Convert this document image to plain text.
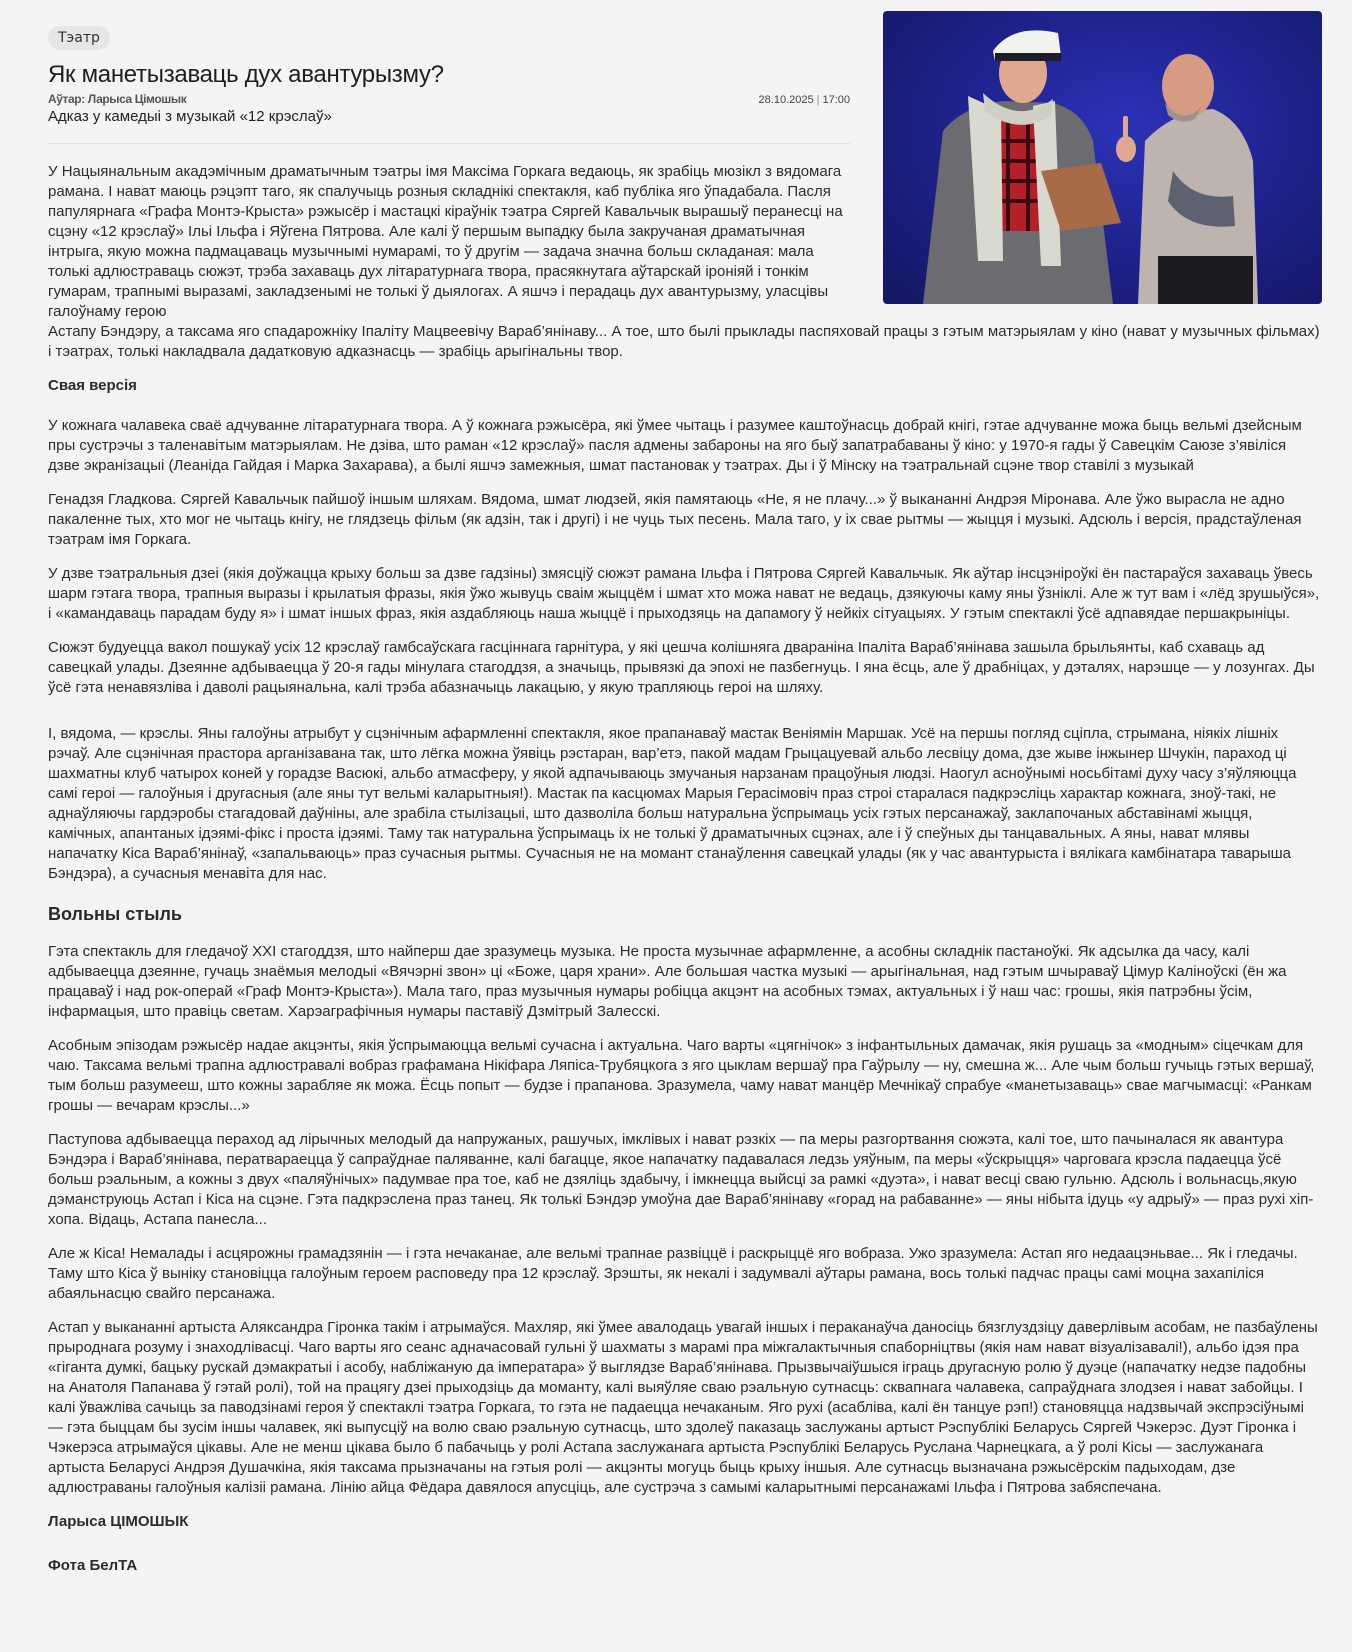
Тэатр
Як манетызаваць дух авантурызму?
Аўтар: Ларыса Цімошык	28.10.2025 | 17:00
Адказ у камедыі з музыкай «12 крэслаў»

У Нацыянальным акадэмічным драматычным тэатры імя Максіма Горкага ведаюць, як зрабіць мюзікл з вядомага рамана. І нават маюць рэцэпт таго, як спалучыць розныя складнікі спектакля, каб публіка яго ўпадабала. Пасля папулярнага «Графа Монтэ-Крыста» рэжысёр і мастацкі кіраўнік тэатра Сяргей Кавальчык вырашыў перанесці на сцэну «12 крэслаў» Ільі Ільфа і Яўгена Пятрова. Але калі ў першым выпадку была закручаная драматычная інтрыга, якую можна падмацаваць музычнымі нумарамі, то ў другім — задача значна больш складаная: мала толькі адлюстраваць сюжэт, трэба захаваць дух літаратурнага твора, прасякнутага аўтарскай іроніяй і тонкім гумарам, трапнымі выразамі, закладзенымі не толькі ў дыялогах. А яшчэ і перадаць дух авантурызму, уласцівы галоўнаму герою

Астапу Бэндэру, а таксама яго спадарожніку Іпаліту Мацвеевічу Вараб’янінаву... А тое, што былі прыклады паспяховай працы з гэтым матэрыялам у кіно (нават у музычных фільмах) і тэатрах, толькі накладвала дадатковую адказнасць — зрабіць арыгінальны твор.

Свая версія

У кожнага чалавека сваё адчуванне літаратурнага твора. А ў кожнага рэжысёра, які ўмее чытаць і разумее каштоўнасць добрай кнігі, гэтае адчуванне можа быць вельмі дзейсным пры сустрэчы з таленавітым матэрыялам. Не дзіва, што раман «12 крэслаў» пасля адмены забароны на яго быў запатрабаваны ў кіно: у 1970-я гады ў Савецкім Саюзе з’явіліся дзве экранізацыі (Леаніда Гайдая і Марка Захарава), а былі яшчэ замежныя, шмат пастановак у тэатрах. Ды і ў Мінску на тэатральнай сцэне твор ставілі з музыкай

Генадзя Гладкова. Сяргей Кавальчык пайшоў іншым шляхам. Вядома, шмат людзей, якія памятаюць «Не, я не плачу...» ў выкананні Андрэя Міронава. Але ўжо вырасла не адно пакаленне тых, хто мог не чытаць кнігу, не глядзець фільм (як адзін, так і другі) і не чуць тых песень. Мала таго, у іх свае рытмы — жыцця і музыкі. Адсюль і версія, прадстаўленая тэатрам імя Горкага.

У дзве тэатральныя дзеі (якія доўжацца крыху больш за дзве гадзіны) змясціў сюжэт рамана Ільфа і Пятрова Сяргей Кавальчык. Як аўтар інсцэніроўкі ён пастараўся захаваць ўвесь шарм гэтага твора, трапныя выразы і крылатыя фразы, якія ўжо жывуць сваім жыццём і шмат хто можа нават не ведаць, дзякуючы каму яны ўзніклі. Але ж тут вам і «лёд зрушыўся», і «камандаваць парадам буду я» і шмат іншых фраз, якія аздабляюць наша жыццё і прыходзяць на дапамогу ў нейкіх сітуацыях. У гэтым спектаклі ўсё адпавядае першакрыніцы.

Сюжэт будуецца вакол пошукаў усіх 12 крэслаў гамбсаўскага гасціннага гарнітура, у які цешча колішняга двараніна Іпаліта Вараб’янінава зашыла брыльянты, каб схаваць ад савецкай улады. Дзеянне адбываецца ў 20-я гады мінулага стагоддзя, а значыць, прывязкі да эпохі не пазбегнуць. І яна ёсць, але ў драбніцах, у дэталях, нарэшце — у лозунгах. Ды ўсё гэта ненавязліва і даволі рацыянальна, калі трэба абазначыць лакацыю, у якую трапляюць героі на шляху.

І, вядома, — крэслы. Яны галоўны атрыбут у сцэнічным афармленні спектакля, якое прапанаваў мастак Веніямін Маршак. Усё на першы погляд сціпла, стрымана, ніякіх лішніх рэчаў. Але сцэнічная прастора арганізавана так, што лёгка можна ўявіць рэстаран, вар’етэ, пакой мадам Грыцацуевай альбо лесвіцу дома, дзе жыве інжынер Шчукін, параход ці шахматны клуб чатырох коней у горадзе Васюкі, альбо атмасферу, у якой адпачываюць змучаныя нарзанам працоўныя людзі. Наогул асноўнымі носьбітамі духу часу з’яўляюцца самі героі — галоўныя і другасныя (але яны тут вельмі каларытныя!). Мастак па касцюмах Марыя Герасімовіч праз строі старалася падкрэсліць характар кожнага, зноў-такі, не аднаўляючы гардэробы стагадовай даўніны, але зрабіла стылізацыі, што дазволіла больш натуральна ўспрымаць усіх гэтых персанажаў, заклапочаных абставінамі жыцця, камічных, апантаных ідэямі-фікс і проста ідэямі. Таму так натуральна ўспрымаць іх не толькі ў драматычных сцэнах, але і ў спеўных ды танцавальных. А яны, нават млявы напачатку Кіса Вараб’янінаў, «запальваюць» праз сучасныя рытмы. Сучасныя не на момант станаўлення савецкай улады (як у час авантурыста і вялікага камбінатара таварыша Бэндэра), а сучасныя менавіта для нас.

Вольны стыль

Гэта спектакль для гледачоў XXI стагоддзя, што найперш дае зразумець музыка. Не проста музычнае афармленне, а асобны складнік пастаноўкі. Як адсылка да часу, калі адбываецца дзеянне, гучаць знаёмыя мелодыі «Вячэрні звон» ці «Боже, царя храни». Але большая частка музыкі — арыгінальная, над гэтым шчыраваў Цімур Каліноўскі (ён жа працаваў і над рок-операй «Граф Монтэ-Крыста»). Мала таго, праз музычныя нумары робіцца акцэнт на асобных тэмах, актуальных і ў наш час: грошы, якія патрэбны ўсім, інфармацыя, што правіць светам. Харэаграфічныя нумары паставіў Дзмітрый Залесскі.

Асобным эпізодам рэжысёр надае акцэнты, якія ўспрымаюцца вельмі сучасна і актуальна. Чаго варты «цягнічок» з інфантыльных дамачак, якія рушаць за «модным» сіцечкам для чаю. Таксама вельмі трапна адлюстравалі вобраз графамана Нікіфара Ляпіса-Трубяцкога з яго цыклам вершаў пра Гаўрылу — ну, смешна ж... Але чым больш гучыць гэтых вершаў, тым больш разумееш, што кожны зарабляе як можа. Ёсць попыт — будзе і прапанова. Зразумела, чаму нават манцёр Мечнікаў спрабуе «манетызаваць» свае магчымасці: «Ранкам грошы — вечарам крэслы...»

Паступова адбываецца пераход ад лірычных мелодый да напружаных, рашучых, імклівых і нават рэзкіх — па меры разгортвання сюжэта, калі тое, што пачыналася як авантура Бэндэра і Вараб’янінава, ператвараецца ў сапраўднае паляванне, калі багацце, якое напачатку падавалася ледзь уяўным, па меры «ўскрыцця» чарговага крэсла падаецца ўсё больш рэальным, а кожны з двух «паляўнічых» падумвае пра тое, каб не дзяліць здабычу, і імкнецца выйсці за рамкі «дуэта», і нават весці сваю гульню. Адсюль і вольнасць,якую дэманструюць Астап і Кіса на сцэне. Гэта падкрэслена праз танец. Як толькі Бэндэр умоўна дае Вараб’янінаву «горад на рабаванне» — яны нібыта ідуць «у адрыў» — праз рухі хіп-хопа. Відаць, Астапа панесла...

Але ж Кіса! Немалады і асцярожны грамадзянін — і гэта нечаканае, але вельмі трапнае развіццё і раскрыццё яго вобраза. Ужо зразумела: Астап яго недаацэньвае... Як і гледачы. Таму што Кіса ў выніку становіцца галоўным героем расповеду пра 12 крэслаў. Зрэшты, як некалі і задумвалі аўтары рамана, вось толькі падчас працы самі моцна захапіліся абаяльнасцю свайго персанажа.

Астап у выкананні артыста Аляксандра Гіронка такім і атрымаўся. Махляр, які ўмее авалодаць увагай іншых і пераканаўча даносіць бязглуздзіцу даверлівым асобам, не пазбаўлены прыроднага розуму і знаходлівасці. Чаго варты яго сеанс адначасовай гульні ў шахматы з марамі пра міжгалактычныя спаборніцтвы (якія нам нават візуалізавалі!), альбо ідэя пра «гіганта думкі, бацьку рускай дэмакратыі і асобу, набліжаную да імператара» ў выглядзе Вараб’янінава. Прызвычаіўшыся іграць другасную ролю ў дуэце (напачатку недзе падобны на Анатоля Папанава ў гэтай ролі), той на працягу дзеі прыходзіць да моманту, калі выяўляе сваю рэальную сутнасць: сквапнага чалавека, сапраўднага злодзея і нават забойцы. І калі ўважліва сачыць за паводзінамі героя ў спектаклі тэатра Горкага, то гэта не падаецца нечаканым. Яго рухі (асабліва, калі ён танцуе рэп!) становяцца надзвычай экспрэсіўнымі — гэта быццам бы зусім іншы чалавек, які выпусціў на волю сваю рэальную сутнасць, што здолеў паказаць заслужаны артыст Рэспублікі Беларусь Сяргей Чэкерэс. Дуэт Гіронка і Чэкерэса атрымаўся цікавы. Але не менш цікава было б пабачыць у ролі Астапа заслужанага артыста Рэспублікі Беларусь Руслана Чарнецкага, а ў ролі Кісы — заслужанага артыста Беларусі Андрэя Душачкіна, якія таксама прызначаны на гэтыя ролі — акцэнты могуць быць крыху іншыя. Але сутнасць вызначана рэжысёрскім падыходам, дзе адлюстраваны галоўныя калізіі рамана. Лінію айца Фёдара давялося апусціць, але сустрэча з самымі каларытнымі персанажамі Ільфа і Пятрова забяспечана.

Ларыса ЦІМОШЫК

Фота БелТА
